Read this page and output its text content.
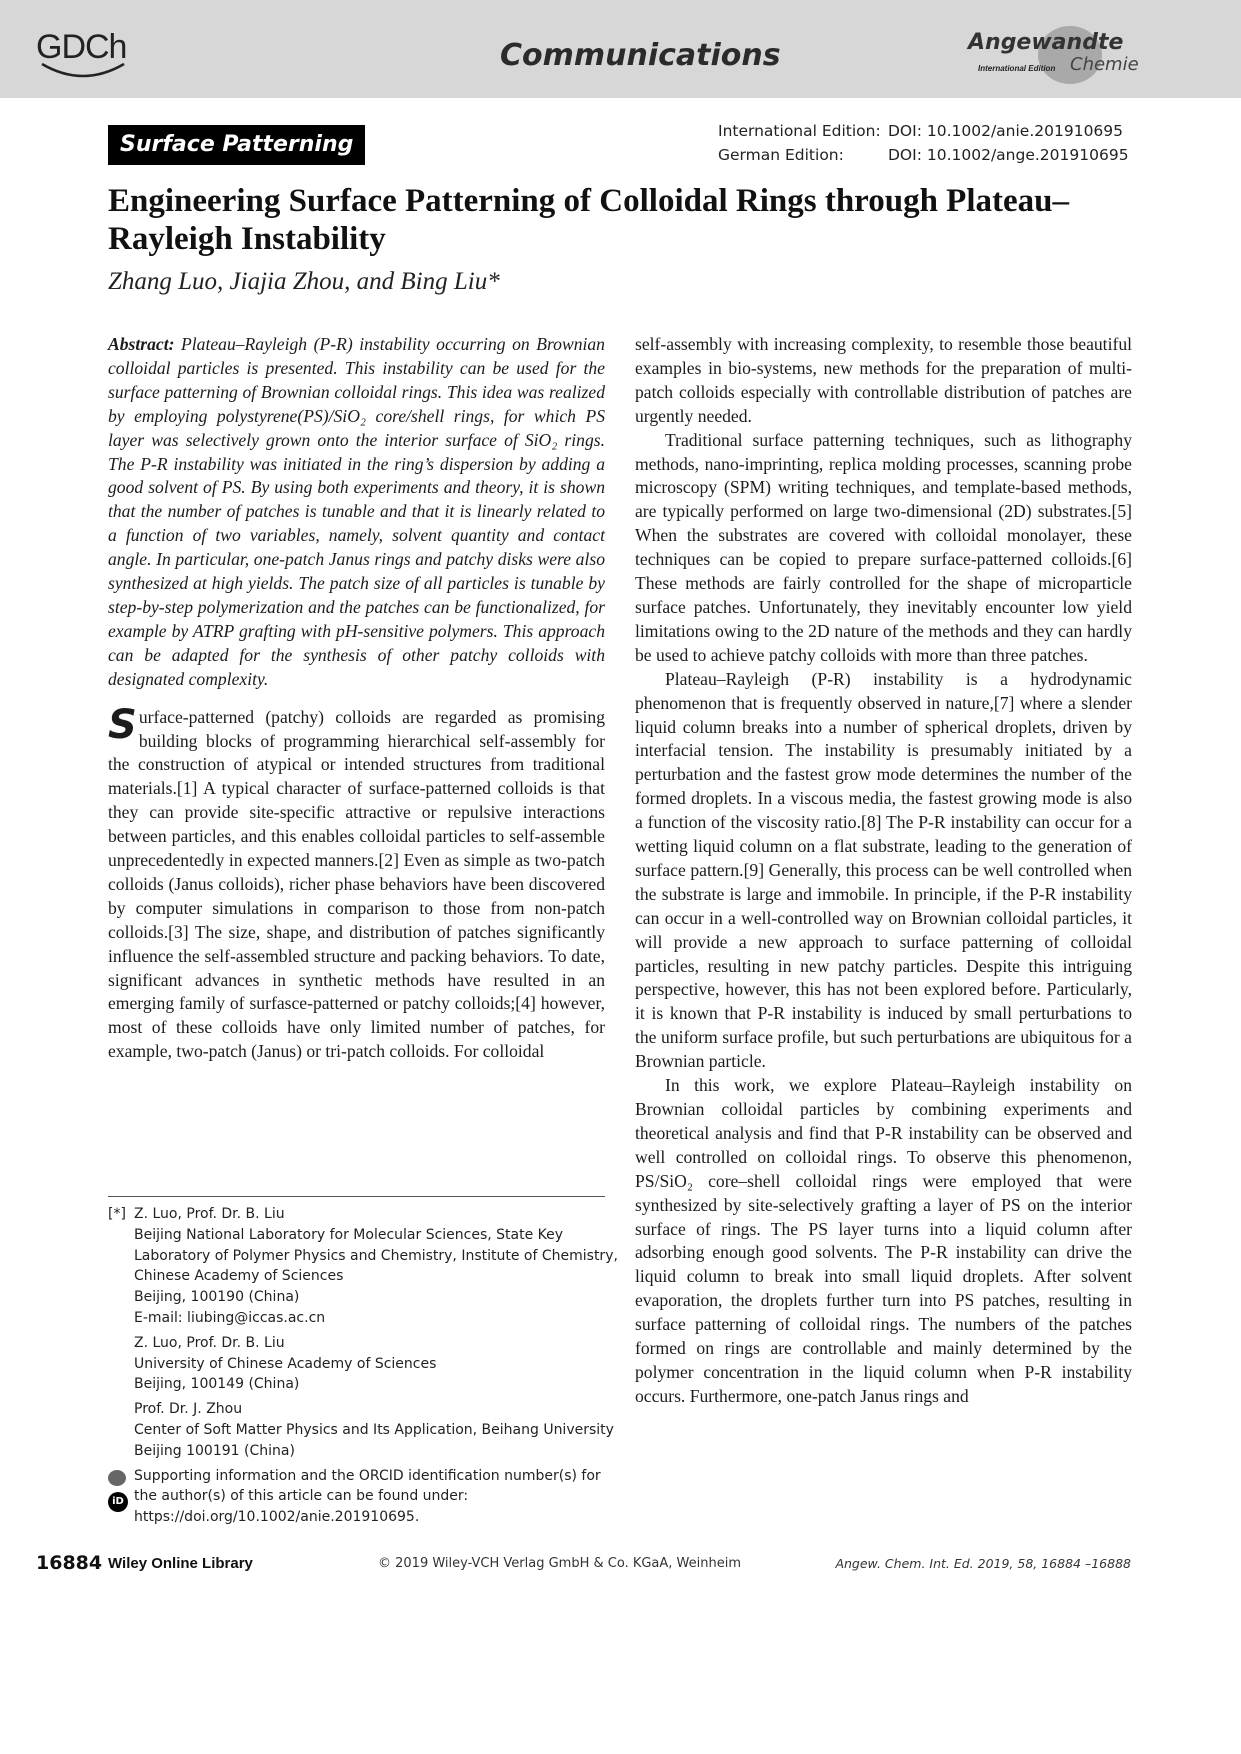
GDCh	Communications	Angewandte
International Edition Chemie
Surface Patterning
International Edition: DOI: 10.1002/anie.201910695
German Edition:	DOI: 10.1002/ange.201910695
Engineering Surface Patterning of Colloidal Rings through Plateau–Rayleigh Instability

Zhang Luo, Jiajia Zhou, and Bing Liu*

Abstract: Plateau–Rayleigh (P-R) instability occurring on Brownian colloidal particles is presented. This instability can be used for the surface patterning of Brownian colloidal rings. This idea was realized by employing polystyrene(PS)/SiO₂ core/shell rings, for which PS layer was selectively grown onto the interior surface of SiO₂ rings. The P-R instability was initiated in the ring’s dispersion by adding a good solvent of PS. By using both experiments and theory, it is shown that the number of patches is tunable and that it is linearly related to a function of two variables, namely, solvent quantity and contact angle. In particular, one-patch Janus rings and patchy disks were also synthesized at high yields. The patch size of all particles is tunable by step-by-step polymerization and the patches can be functionalized, for example by ATRP grafting with pH-sensitive polymers. This approach can be adapted for the synthesis of other patchy colloids with designated complexity.

Surface-patterned (patchy) colloids are regarded as promising building blocks of programming hierarchical self-assembly for the construction of atypical or intended structures from traditional materials.[1] A typical character of surface-patterned colloids is that they can provide site-specific attractive or repulsive interactions between particles, and this enables colloidal particles to self-assemble unprecedentedly in expected manners.[2] Even as simple as two-patch colloids (Janus colloids), richer phase behaviors have been discovered by computer simulations in comparison to those from non-patch colloids.[3] The size, shape, and distribution of patches significantly influence the self-assembled structure and packing behaviors. To date, significant advances in synthetic methods have resulted in an emerging family of surfasce-patterned or patchy colloids;[4] however, most of these colloids have only limited number of patches, for example, two-patch (Janus) or tri-patch colloids. For colloidal

[*] Z. Luo, Prof. Dr. B. Liu
Beijing National Laboratory for Molecular Sciences, State Key
Laboratory of Polymer Physics and Chemistry, Institute of Chemistry,
Chinese Academy of Sciences
Beijing, 100190 (China)
E-mail: liubing@iccas.ac.cn
Z. Luo, Prof. Dr. B. Liu
University of Chinese Academy of Sciences
Beijing, 100149 (China)
Prof. Dr. J. Zhou
Center of Soft Matter Physics and Its Application, Beihang University
Beijing 100191 (China)
iD
Supporting information and the ORCID identification number(s) for
the author(s) of this article can be found under:
https://doi.org/10.1002/anie.201910695.

self-assembly with increasing complexity, to resemble those beautiful examples in bio-systems, new methods for the preparation of multi-patch colloids especially with controllable distribution of patches are urgently needed.

Traditional surface patterning techniques, such as lithography methods, nano-imprinting, replica molding processes, scanning probe microscopy (SPM) writing techniques, and template-based methods, are typically performed on large two-dimensional (2D) substrates.[5] When the substrates are covered with colloidal monolayer, these techniques can be copied to prepare surface-patterned colloids.[6] These methods are fairly controlled for the shape of microparticle surface patches. Unfortunately, they inevitably encounter low yield limitations owing to the 2D nature of the methods and they can hardly be used to achieve patchy colloids with more than three patches.

Plateau–Rayleigh (P-R) instability is a hydrodynamic phenomenon that is frequently observed in nature,[7] where a slender liquid column breaks into a number of spherical droplets, driven by interfacial tension. The instability is presumably initiated by a perturbation and the fastest grow mode determines the number of the formed droplets. In a viscous media, the fastest growing mode is also a function of the viscosity ratio.[8] The P-R instability can occur for a wetting liquid column on a flat substrate, leading to the generation of surface pattern.[9] Generally, this process can be well controlled when the substrate is large and immobile. In principle, if the P-R instability can occur in a well-controlled way on Brownian colloidal particles, it will provide a new approach to surface patterning of colloidal particles, resulting in new patchy particles. Despite this intriguing perspective, however, this has not been explored before. Particularly, it is known that P-R instability is induced by small perturbations to the uniform surface profile, but such perturbations are ubiquitous for a Brownian particle.

In this work, we explore Plateau–Rayleigh instability on Brownian colloidal particles by combining experiments and theoretical analysis and find that P-R instability can be observed and well controlled on colloidal rings. To observe this phenomenon, PS/SiO₂ core–shell colloidal rings were employed that were synthesized by site-selectively grafting a layer of PS on the interior surface of rings. The PS layer turns into a liquid column after adsorbing enough good solvents. The P-R instability can drive the liquid column to break into small liquid droplets. After solvent evaporation, the droplets further turn into PS patches, resulting in surface patterning of colloidal rings. The numbers of the patches formed on rings are controllable and mainly determined by the polymer concentration in the liquid column when P-R instability occurs. Furthermore, one-patch Janus rings and

16884 Wiley Online Library	© 2019 Wiley-VCH Verlag GmbH & Co. KGaA, Weinheim	Angew. Chem. Int. Ed. 2019, 58, 16884 –16888
